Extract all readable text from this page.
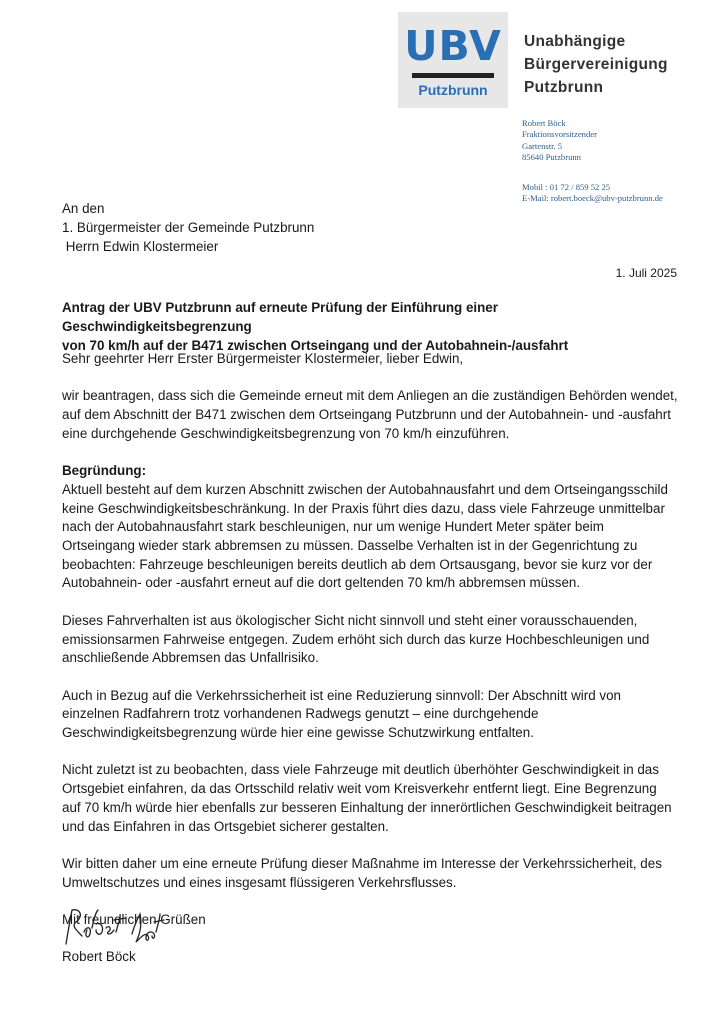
UBV
Putzbrunn
Unabhängige
Bürgervereinigung
Putzbrunn
Robert Böck
Fraktionsvorsitzender
Gartenstr. 5
85640 Putzbrunn
Mobil : 01 72 / 859 52 25
E-Mail: robert.boeck@ubv-putzbrunn.de
An den
1. Bürgermeister der Gemeinde Putzbrunn
Herrn Edwin Klostermeier
1. Juli 2025
Antrag der UBV Putzbrunn auf erneute Prüfung der Einführung einer Geschwindigkeitsbegrenzung
von 70 km/h auf der B471 zwischen Ortseingang und der Autobahnein-/ausfahrt

Sehr geehrter Herr Erster Bürgermeister Klostermeier, lieber Edwin,

wir beantragen, dass sich die Gemeinde erneut mit dem Anliegen an die zuständigen Behörden wendet, auf dem Abschnitt der B471 zwischen dem Ortseingang Putzbrunn und der Autobahnein- und -ausfahrt eine durchgehende Geschwindigkeitsbegrenzung von 70 km/h einzuführen.

Begründung:

Aktuell besteht auf dem kurzen Abschnitt zwischen der Autobahnausfahrt und dem Ortseingangsschild keine Geschwindigkeitsbeschränkung. In der Praxis führt dies dazu, dass viele Fahrzeuge unmittelbar nach der Autobahnausfahrt stark beschleunigen, nur um wenige Hundert Meter später beim Ortseingang wieder stark abbremsen zu müssen. Dasselbe Verhalten ist in der Gegenrichtung zu beobachten: Fahrzeuge beschleunigen bereits deutlich ab dem Ortsausgang, bevor sie kurz vor der Autobahnein- oder -ausfahrt erneut auf die dort geltenden 70 km/h abbremsen müssen.

Dieses Fahrverhalten ist aus ökologischer Sicht nicht sinnvoll und steht einer vorausschauenden, emissionsarmen Fahrweise entgegen. Zudem erhöht sich durch das kurze Hochbeschleunigen und anschließende Abbremsen das Unfallrisiko.

Auch in Bezug auf die Verkehrssicherheit ist eine Reduzierung sinnvoll: Der Abschnitt wird von einzelnen Radfahrern trotz vorhandenen Radwegs genutzt – eine durchgehende Geschwindigkeitsbegrenzung würde hier eine gewisse Schutzwirkung entfalten.

Nicht zuletzt ist zu beobachten, dass viele Fahrzeuge mit deutlich überhöhter Geschwindigkeit in das Ortsgebiet einfahren, da das Ortsschild relativ weit vom Kreisverkehr entfernt liegt. Eine Begrenzung auf 70 km/h würde hier ebenfalls zur besseren Einhaltung der innerörtlichen Geschwindigkeit beitragen und das Einfahren in das Ortsgebiet sicherer gestalten.

Wir bitten daher um eine erneute Prüfung dieser Maßnahme im Interesse der Verkehrssicherheit, des Umweltschutzes und eines insgesamt flüssigeren Verkehrsflusses.

Mit freundlichen Grüßen
Robert Böck
